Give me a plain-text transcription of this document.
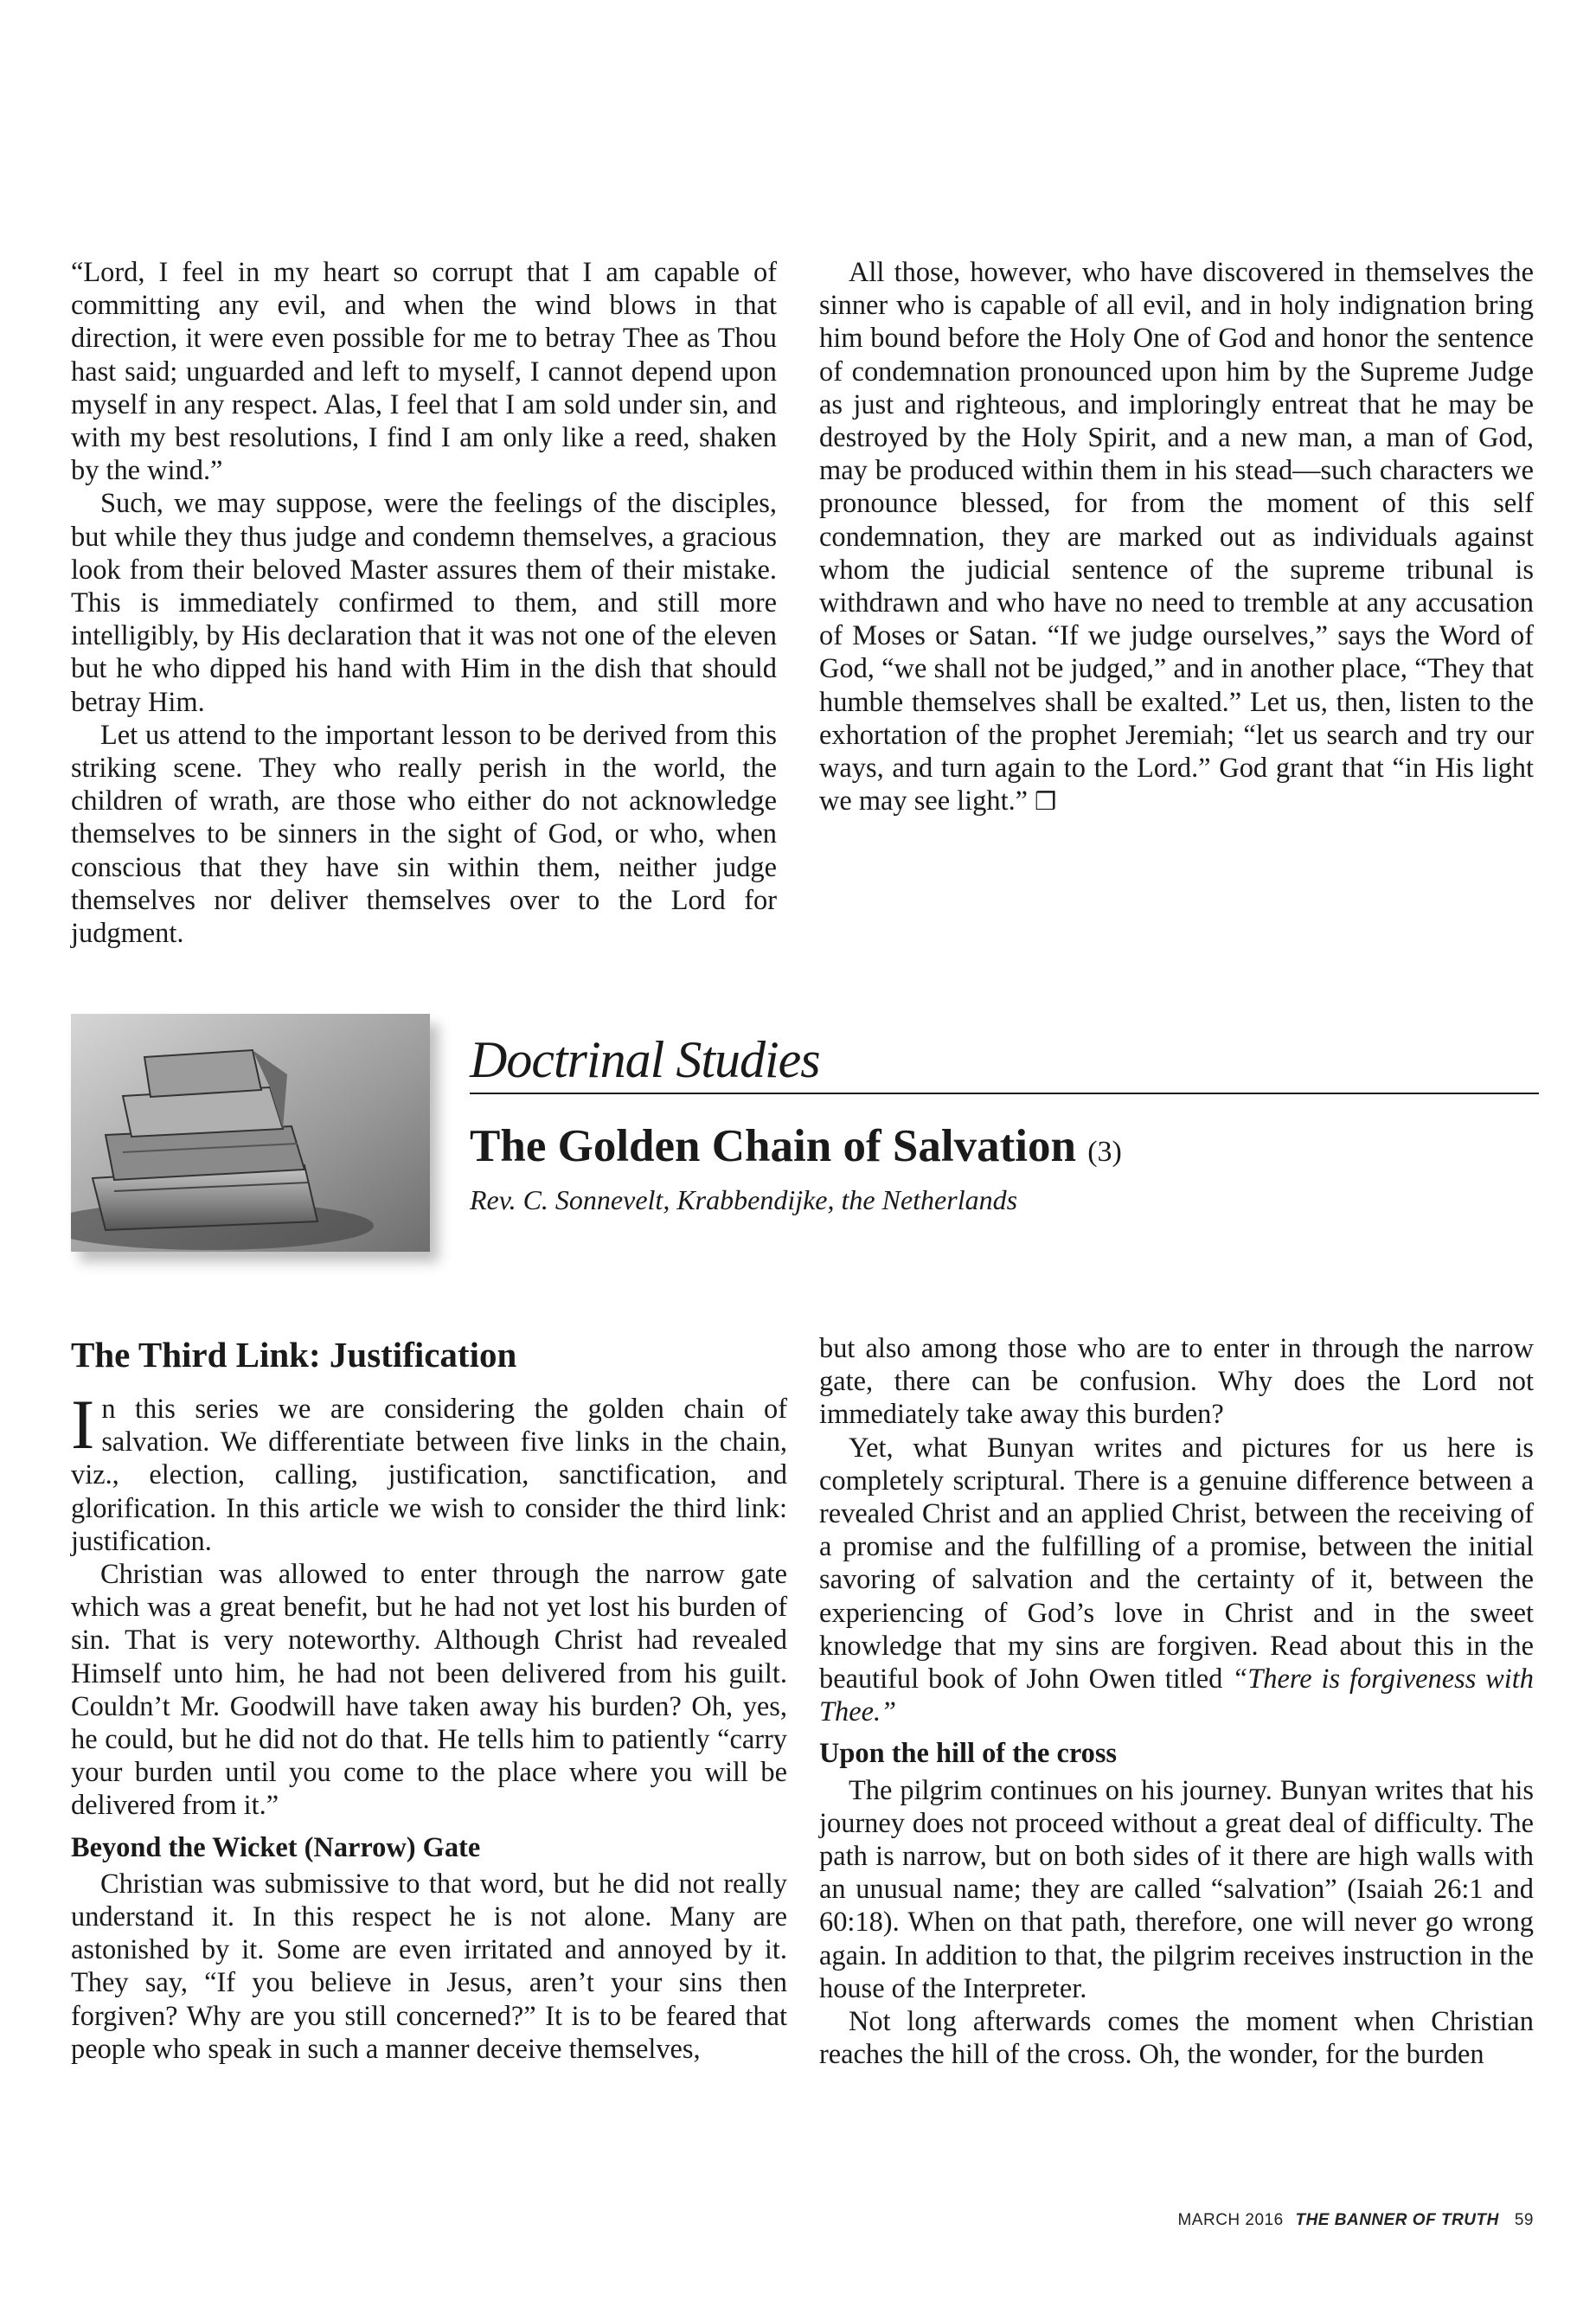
“Lord, I feel in my heart so corrupt that I am capable of committing any evil, and when the wind blows in that direction, it were even possible for me to betray Thee as Thou hast said; unguarded and left to myself, I cannot depend upon myself in any respect. Alas, I feel that I am sold under sin, and with my best resolutions, I find I am only like a reed, shaken by the wind.”

Such, we may suppose, were the feelings of the disciples, but while they thus judge and condemn themselves, a gracious look from their beloved Master assures them of their mistake. This is immediately confirmed to them, and still more intelligibly, by His declaration that it was not one of the eleven but he who dipped his hand with Him in the dish that should betray Him.

Let us attend to the important lesson to be derived from this striking scene. They who really perish in the world, the children of wrath, are those who either do not acknowledge themselves to be sinners in the sight of God, or who, when conscious that they have sin within them, neither judge themselves nor deliver themselves over to the Lord for judgment.

All those, however, who have discovered in themselves the sinner who is capable of all evil, and in holy indignation bring him bound before the Holy One of God and honor the sentence of condemnation pronounced upon him by the Supreme Judge as just and righteous, and imploringly entreat that he may be destroyed by the Holy Spirit, and a new man, a man of God, may be produced within them in his stead—such characters we pronounce blessed, for from the moment of this self condemnation, they are marked out as individuals against whom the judicial sentence of the supreme tribunal is withdrawn and who have no need to tremble at any accusation of Moses or Satan. “If we judge ourselves,” says the Word of God, “we shall not be judged,” and in another place, “They that humble themselves shall be exalted.” Let us, then, listen to the exhortation of the prophet Jeremiah; “let us search and try our ways, and turn again to the Lord.” God grant that “in His light we may see light.” ❒

Doctrinal Studies
The Golden Chain of Salvation (3)
Rev. C. Sonnevelt, Krabbendijke, the Netherlands
The Third Link: Justification

In this series we are considering the golden chain of salvation. We differentiate between five links in the chain, viz., election, calling, justification, sanctification, and glorification. In this article we wish to consider the third link: justification.

Christian was allowed to enter through the narrow gate which was a great benefit, but he had not yet lost his burden of sin. That is very noteworthy. Although Christ had revealed Himself unto him, he had not been delivered from his guilt. Couldn’t Mr. Goodwill have taken away his burden? Oh, yes, he could, but he did not do that. He tells him to patiently “carry your burden until you come to the place where you will be delivered from it.”

Beyond the Wicket (Narrow) Gate

Christian was submissive to that word, but he did not really understand it. In this respect he is not alone. Many are astonished by it. Some are even irritated and annoyed by it. They say, “If you believe in Jesus, aren’t your sins then forgiven? Why are you still concerned?” It is to be feared that people who speak in such a manner deceive themselves,

but also among those who are to enter in through the narrow gate, there can be confusion. Why does the Lord not immediately take away this burden?

Yet, what Bunyan writes and pictures for us here is completely scriptural. There is a genuine difference between a revealed Christ and an applied Christ, between the receiving of a promise and the fulfilling of a promise, between the initial savoring of salvation and the certainty of it, between the experiencing of God’s love in Christ and in the sweet knowledge that my sins are forgiven. Read about this in the beautiful book of John Owen titled “There is forgiveness with Thee.”

Upon the hill of the cross

The pilgrim continues on his journey. Bunyan writes that his journey does not proceed without a great deal of difficulty. The path is narrow, but on both sides of it there are high walls with an unusual name; they are called “salvation” (Isaiah 26:1 and 60:18). When on that path, therefore, one will never go wrong again. In addition to that, the pilgrim receives instruction in the house of the Interpreter.

Not long afterwards comes the moment when Christian reaches the hill of the cross. Oh, the wonder, for the burden

MARCH 2016 THE BANNER OF TRUTH 59
